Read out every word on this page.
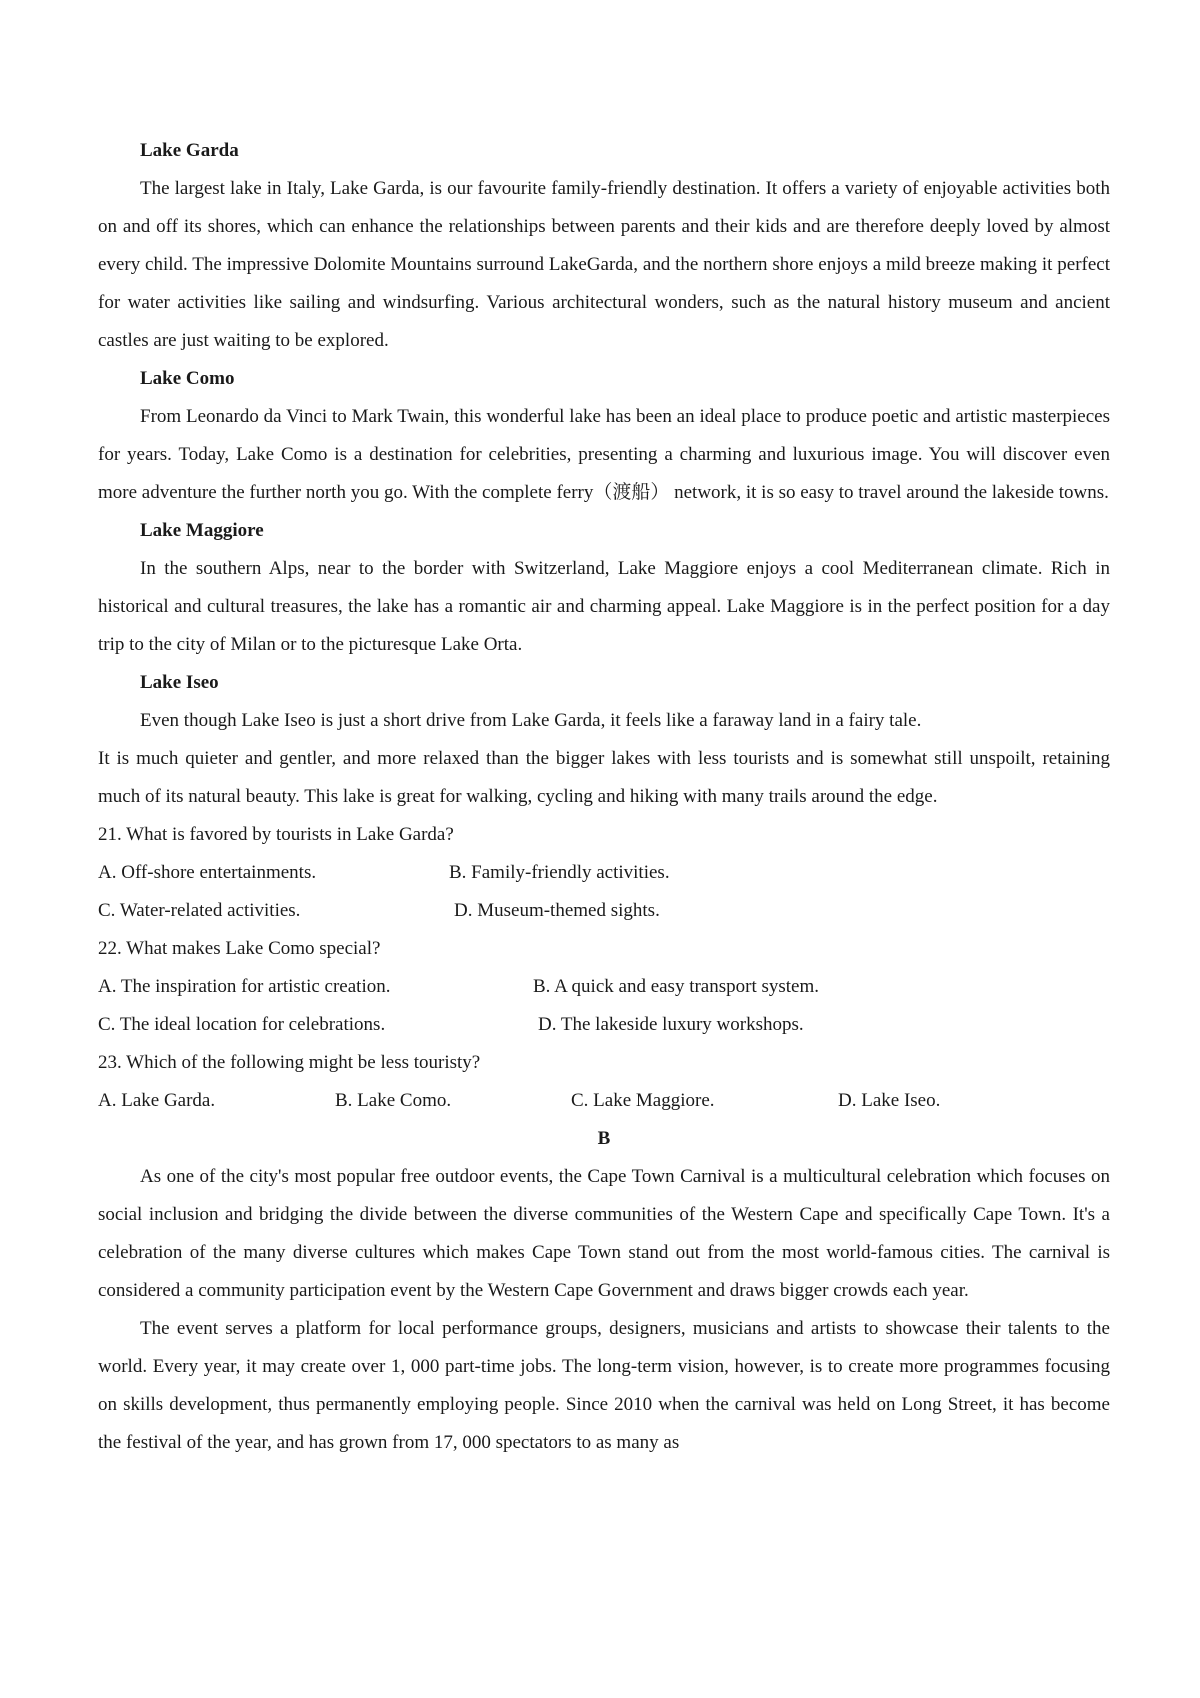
Lake Garda

The largest lake in Italy, Lake Garda, is our favourite family-friendly destination. It offers a variety of enjoyable activities both on and off its shores, which can enhance the relationships between parents and their kids and are therefore deeply loved by almost every child. The impressive Dolomite Mountains surround LakeGarda, and the northern shore enjoys a mild breeze making it perfect for water activities like sailing and windsurfing. Various architectural wonders, such as the natural history museum and ancient castles are just waiting to be explored.

Lake Como

From Leonardo da Vinci to Mark Twain, this wonderful lake has been an ideal place to produce poetic and artistic masterpieces for years. Today, Lake Como is a destination for celebrities, presenting a charming and luxurious image. You will discover even more adventure the further north you go. With the complete ferry（渡船） network, it is so easy to travel around the lakeside towns.

Lake Maggiore

In the southern Alps, near to the border with Switzerland, Lake Maggiore enjoys a cool Mediterranean climate. Rich in historical and cultural treasures, the lake has a romantic air and charming appeal. Lake Maggiore is in the perfect position for a day trip to the city of Milan or to the picturesque Lake Orta.

Lake Iseo

Even though Lake Iseo is just a short drive from Lake Garda, it feels like a faraway land in a fairy tale.

It is much quieter and gentler, and more relaxed than the bigger lakes with less tourists and is somewhat still unspoilt, retaining much of its natural beauty. This lake is great for walking, cycling and hiking with many trails around the edge.

21. What is favored by tourists in Lake Garda?

A. Off-shore entertainments.	B. Family-friendly activities.
C. Water-related activities.	D. Museum-themed sights.

22. What makes Lake Como special?

A. The inspiration for artistic creation.	B. A quick and easy transport system.
C. The ideal location for celebrations.	D. The lakeside luxury workshops.

23. Which of the following might be less touristy?

A. Lake Garda.	B. Lake Como.	C. Lake Maggiore.	D. Lake Iseo.

B

As one of the city's most popular free outdoor events, the Cape Town Carnival is a multicultural celebration which focuses on social inclusion and bridging the divide between the diverse communities of the Western Cape and specifically Cape Town. It's a celebration of the many diverse cultures which makes Cape Town stand out from the most world-famous cities. The carnival is considered a community participation event by the Western Cape Government and draws bigger crowds each year.

The event serves a platform for local performance groups, designers, musicians and artists to showcase their talents to the world. Every year, it may create over 1, 000 part-time jobs. The long-term vision, however, is to create more programmes focusing on skills development, thus permanently employing people. Since 2010 when the carnival was held on Long Street, it has become the festival of the year, and has grown from 17, 000 spectators to as many as
